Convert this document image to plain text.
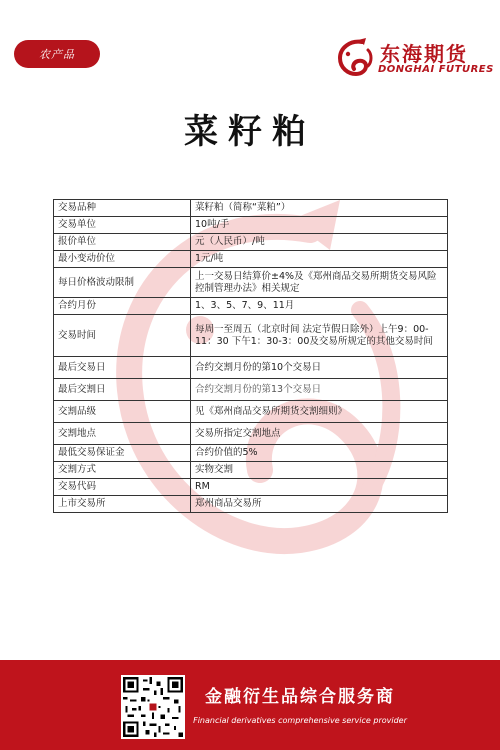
农产品	东海期货
DONGHAI FUTURES
菜籽粕
交易品种	菜籽粕（简称“菜粕”）
交易单位	10吨/手
报价单位	元（人民币）/吨
最小变动价位	1元/吨
每日价格波动限制	上一交易日结算价±4%及《郑州商品交易所期货交易风险控制管理办法》相关规定
合约月份	1、3、5、7、9、11月
交易时间	每周一至周五（北京时间 法定节假日除外）上午9：00-11：30 下午1：30-3：00及交易所规定的其他交易时间
最后交易日	合约交割月份的第10个交易日
最后交割日	合约交割月份的第13个交易日
交割品级	见《郑州商品交易所期货交割细则》
交割地点	交易所指定交割地点
最低交易保证金	合约价值的5%
交割方式	实物交割
交易代码	RM
上市交易所	郑州商品交易所
金融衍生品综合服务商
Financial derivatives comprehensive service provider
